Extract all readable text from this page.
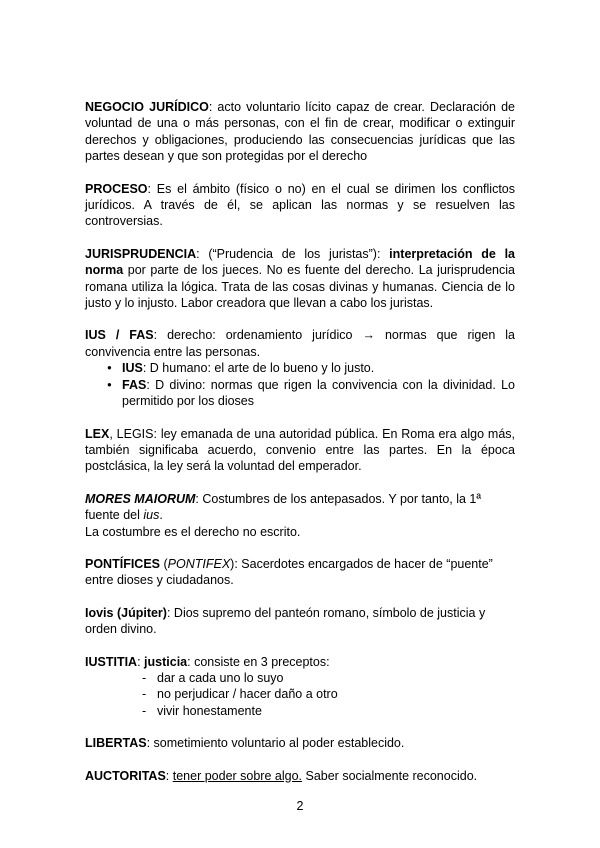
NEGOCIO JURÍDICO: acto voluntario lícito capaz de crear. Declaración de voluntad de una o más personas, con el fin de crear, modificar o extinguir derechos y obligaciones, produciendo las consecuencias jurídicas que las partes desean y que son protegidas por el derecho

PROCESO: Es el ámbito (físico o no) en el cual se dirimen los conflictos jurídicos. A través de él, se aplican las normas y se resuelven las controversias.

JURISPRUDENCIA: (“Prudencia de los juristas”): interpretación de la norma por parte de los jueces. No es fuente del derecho. La jurisprudencia romana utiliza la lógica. Trata de las cosas divinas y humanas. Ciencia de lo justo y lo injusto. Labor creadora que llevan a cabo los juristas.

IUS / FAS: derecho: ordenamiento jurídico → normas que rigen la convivencia entre las personas.

● IUS: D humano: el arte de lo bueno y lo justo.
● FAS: D divino: normas que rigen la convivencia con la divinidad. Lo permitido por los dioses

LEX, LEGIS: ley emanada de una autoridad pública. En Roma era algo más, también significaba acuerdo, convenio entre las partes. En la época postclásica, la ley será la voluntad del emperador.

MORES MAIORUM: Costumbres de los antepasados. Y por tanto, la 1ª fuente del ius.

La costumbre es el derecho no escrito.

PONTÍFICES (PONTIFEX): Sacerdotes encargados de hacer de “puente” entre dioses y ciudadanos.

Iovis (Júpiter): Dios supremo del panteón romano, símbolo de justicia y orden divino.

IUSTITIA: justicia: consiste en 3 preceptos:

- dar a cada uno lo suyo
- no perjudicar / hacer daño a otro
- vivir honestamente

LIBERTAS: sometimiento voluntario al poder establecido.

AUCTORITAS: tener poder sobre algo. Saber socialmente reconocido.

2
